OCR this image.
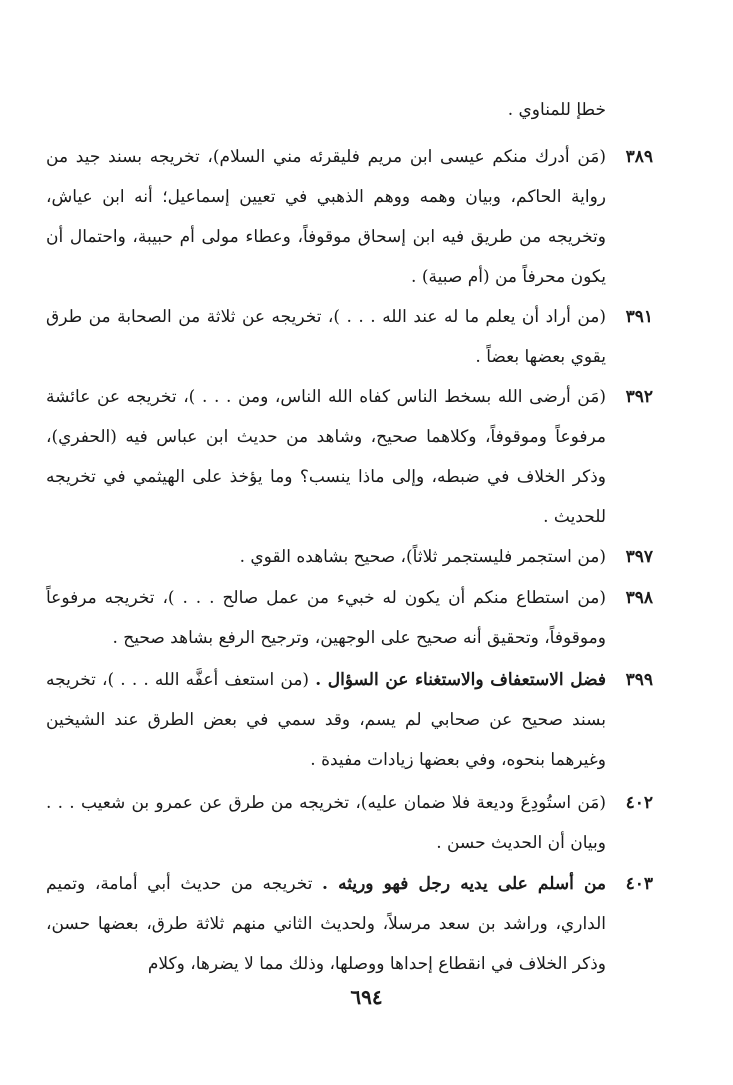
خطإ للمناوي .
٣٨٩
(مَن أدرك منكم عيسى ابن مريم فليقرئه مني السلام)، تخريجه بسند جيد من رواية الحاكم، وبيان وهمه ووهم الذهبي في تعيين إسماعيل؛ أنه ابن عياش، وتخريجه من طريق فيه ابن إسحاق موقوفاً، وعطاء مولى أم حبيبة، واحتمال أن يكون محرفاً من (أم صبية) .
٣٩١
(من أراد أن يعلم ما له عند الله . . . )، تخريجه عن ثلاثة من الصحابة من طرق يقوي بعضها بعضاً .
٣٩٢
(مَن أرضى الله بسخط الناس كفاه الله الناس، ومن . . . )، تخريجه عن عائشة مرفوعاً وموقوفاً، وكلاهما صحيح، وشاهد من حديث ابن عباس فيه (الحفري)، وذكر الخلاف في ضبطه، وإلى ماذا ينسب؟ وما يؤخذ على الهيثمي في تخريجه للحديث .
٣٩٧
(من استجمر فليستجمر ثلاثاً)، صحيح بشاهده القوي .
٣٩٨
(من استطاع منكم أن يكون له خبيء من عمل صالح . . . )، تخريجه مرفوعاً وموقوفاً، وتحقيق أنه صحيح على الوجهين، وترجيح الرفع بشاهد صحيح .
٣٩٩
فضل الاستعفاف والاستغناء عن السؤال . (من استعف أعفَّه الله . . . )، تخريجه بسند صحيح عن صحابي لم يسم، وقد سمي في بعض الطرق عند الشيخين وغيرهما بنحوه، وفي بعضها زيادات مفيدة .
٤٠٢
(مَن استُودِعَ وديعة فلا ضمان عليه)، تخريجه من طرق عن عمرو بن شعيب . . . وبيان أن الحديث حسن .
٤٠٣
من أسلم على يديه رجل فهو وريثه . تخريجه من حديث أبي أمامة، وتميم الداري، وراشد بن سعد مرسلاً، ولحديث الثاني منهم ثلاثة طرق، بعضها حسن، وذكر الخلاف في انقطاع إحداها ووصلها، وذلك مما لا يضرها، وكلام
٦٩٤
